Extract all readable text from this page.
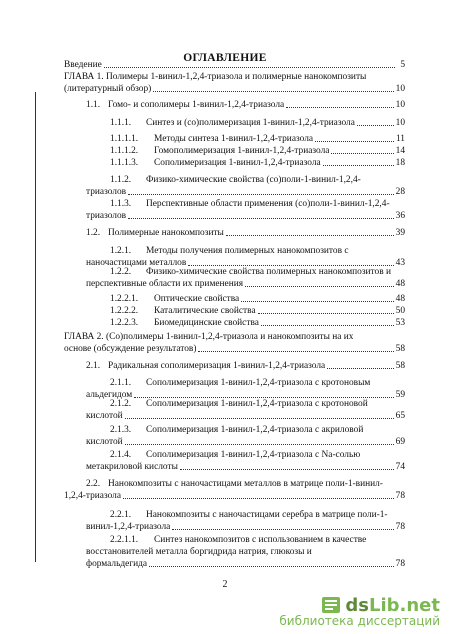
ОГЛАВЛЕНИЕ
Введение	5
ГЛАВА 1. Полимеры 1-винил-1,2,4-триазола и полимерные нанокомпозиты
(литературный обзор)	10
1.1. Гомо- и сополимеры 1-винил-1,2,4-триазола	10
1.1.1. Синтез и (со)полимеризация 1-винил-1,2,4-триазола	10
1.1.1.1. Методы синтеза 1-винил-1,2,4-триазола	11
1.1.1.2. Гомополимеризация 1-винил-1,2,4-триазола	14
1.1.1.3. Сополимеризация 1-винил-1,2,4-триазола	18
1.1.2. Физико-химические свойства (со)поли-1-винил-1,2,4-
триазолов	28
1.1.3. Перспективные области применения (со)поли-1-винил-1,2,4-
триазолов	36
1.2. Полимерные нанокомпозиты	39
1.2.1. Методы получения полимерных нанокомпозитов с
наночастицами металлов	43
1.2.2. Физико-химические свойства полимерных нанокомпозитов и
перспективные области их применения	48
1.2.2.1. Оптические свойства	48
1.2.2.2. Каталитические свойства	50
1.2.2.3. Биомедицинские свойства	53
ГЛАВА 2. (Со)полимеры 1-винил-1,2,4-триазола и нанокомпозиты на их
основе (обсуждение результатов)	58
2.1. Радикальная сополимеризация 1-винил-1,2,4-триазола	58
2.1.1. Сополимеризация 1-винил-1,2,4-триазола с кротоновым
альдегидом	59
2.1.2. Сополимеризация 1-винил-1,2,4-триазола с кротоновой
кислотой	65
2.1.3. Сополимеризация 1-винил-1,2,4-триазола с акриловой
кислотой	69
2.1.4. Сополимеризация 1-винил-1,2,4-триазола с Na-солью
метакриловой кислоты	74
2.2. Нанокомпозиты с наночастицами металлов в матрице поли-1-винил-
1,2,4-триазола	78
2.2.1. Нанокомпозиты с наночастицами серебра в матрице поли-1-
винил-1,2,4-триазола	78
2.2.1.1. Синтез нанокомпозитов с использованием в качестве
восстановителей металла боргидрида натрия, глюкозы и
формальдегида	78
2
dsLib.net
библиотека диссертаций
